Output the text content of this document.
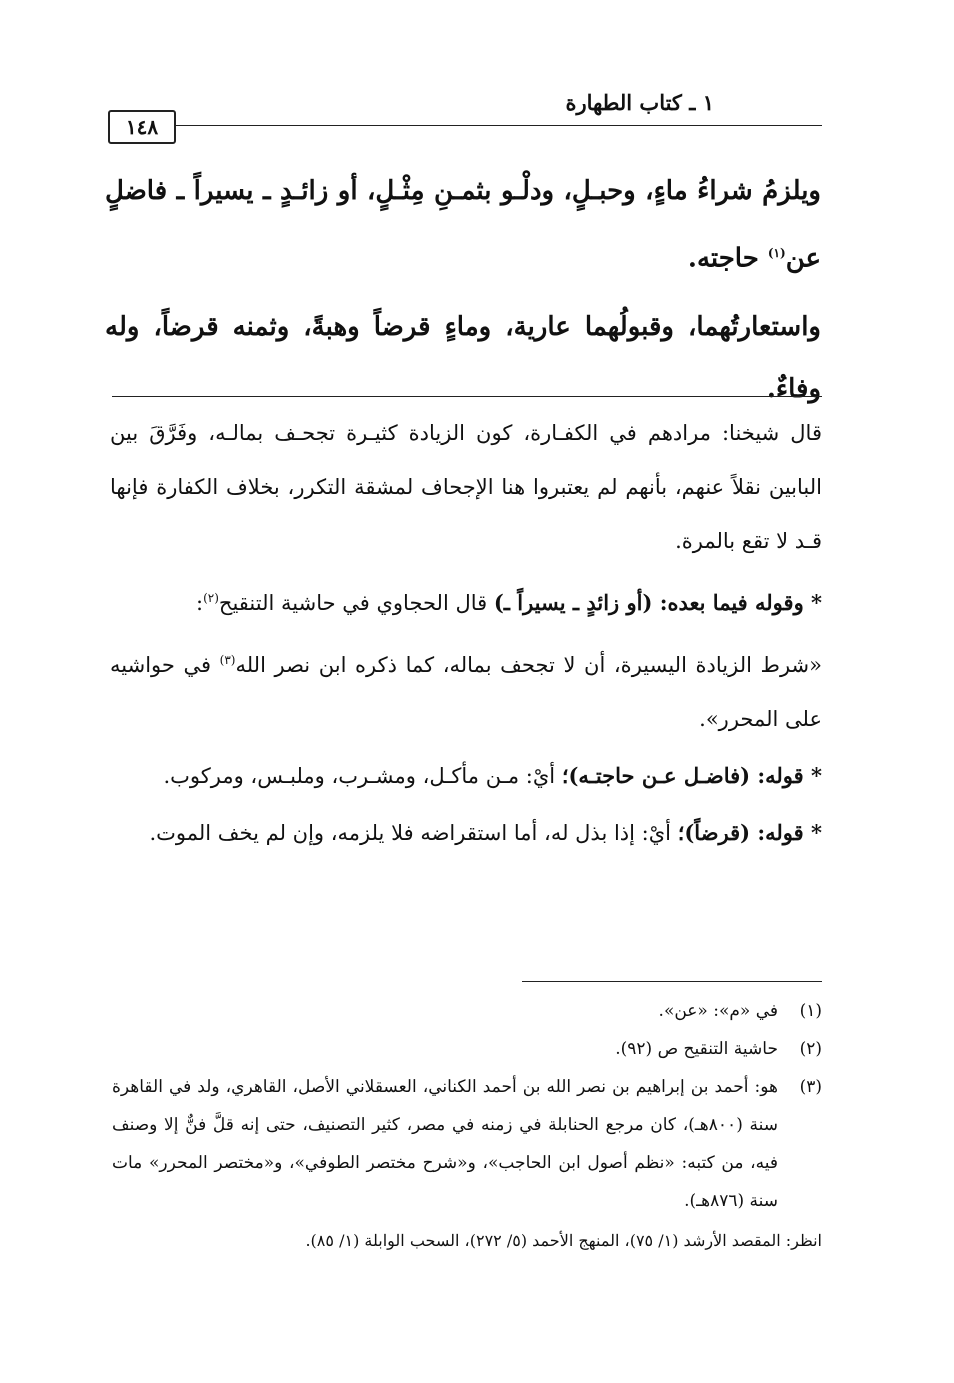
١ ـ كتاب الطهارة
١٤٨

ويلزمُ شراءُ ماءٍ، وحبـلٍ، ودلْـو بثمـنِ مِثْـلٍ، أو زائـدٍ ـ يسيراً ـ فاضلٍ عن$^{(١)}$ حاجته.

واستعارتُهما، وقبولُهما عارية، وماءٍ قرضاً وهبةً، وثمنه قرضاً، وله وفاءٌ.

قال شيخنا: مرادهم في الكفـارة، كون الزيادة كثيـرة تجحـف بمالـه، وفَرَّقَ بين البابين نقلاً عنهم، بأنهم لم يعتبروا هنا الإجحاف لمشقة التكرر، بخلاف الكفارة فإنها قـد لا تقع بالمرة.

* وقوله فيما بعده: (أو زائدٍ ـ يسيراً ـ) قال الحجاوي في حاشية التنقيح$^{(٢)}$:

«شرط الزيادة اليسيرة، أن لا تجحف بماله، كما ذكره ابن نصر الله$^{(٣)}$ في حواشيه على المحرر».

* قوله: (فاضـل عـن حاجتـه)؛ أيْ: مـن مأكـل، ومشـرب، وملبـس، ومركوب.

* قوله: (قرضاً)؛ أيْ: إذا بذل له، أما استقراضه فلا يلزمه، وإن لم يخف الموت.

(١)
في «م»: «عن».

(٢)
حاشية التنقيح ص (٩٢).

(٣)
هو: أحمد بن إبراهيم بن نصر الله بن أحمد الكناني، العسقلاني الأصل، القاهري، ولد في القاهرة سنة (٨٠٠هـ)، كان مرجع الحنابلة في زمنه في مصر، كثير التصنيف، حتى إنه قلَّ فنٌّ إلا وصنف فيه، من كتبه: «نظم أصول ابن الحاجب»، و«شرح مختصر الطوفي»، و«مختصر المحرر» مات سنة (٨٧٦هـ).

انظر: المقصد الأرشد (١/ ٧٥)، المنهج الأحمد (٥/ ٢٧٢)، السحب الوابلة (١/ ٨٥).
